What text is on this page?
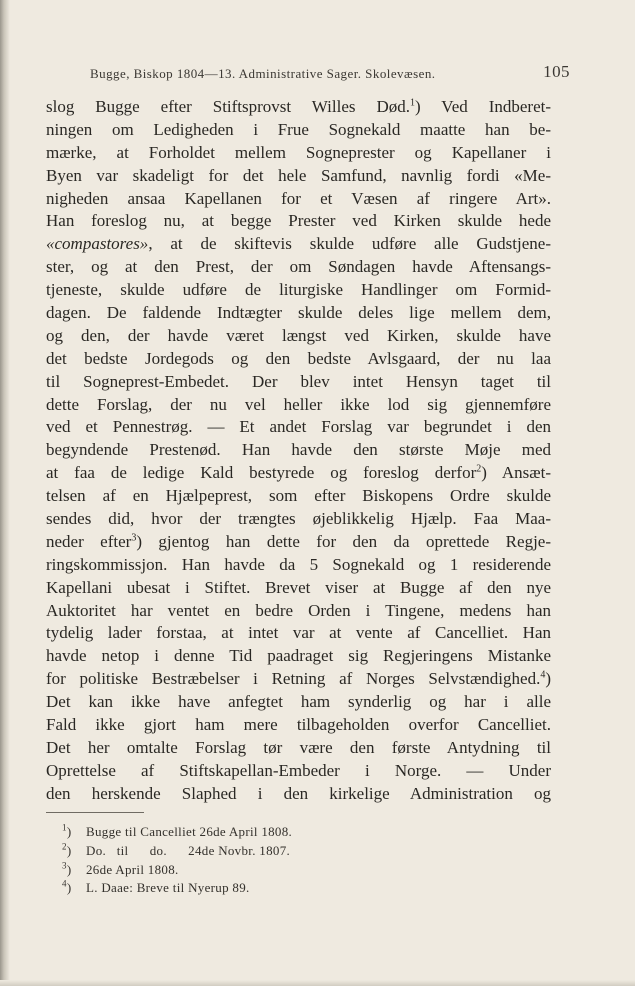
Bugge, Biskop 1804—13. Administrative Sager. Skolevæsen.	105
slog Bugge efter Stiftsprovst Willes Død.$^1$) Ved Indberet-
ningen om Ledigheden i Frue Sognekald maatte han be-
mærke, at Forholdet mellem Sogneprester og Kapellaner i
Byen var skadeligt for det hele Samfund, navnlig fordi «Me-
nigheden ansaa Kapellanen for et Væsen af ringere Art».
Han foreslog nu, at begge Prester ved Kirken skulde hede
«compastores», at de skiftevis skulde udføre alle Gudstjene-
ster, og at den Prest, der om Søndagen havde Aftensangs-
tjeneste, skulde udføre de liturgiske Handlinger om Formid-
dagen. De faldende Indtægter skulde deles lige mellem dem,
og den, der havde været længst ved Kirken, skulde have
det bedste Jordegods og den bedste Avlsgaard, der nu laa
til Sogneprest-Embedet. Der blev intet Hensyn taget til
dette Forslag, der nu vel heller ikke lod sig gjennemføre
ved et Pennestrøg. — Et andet Forslag var begrundet i den
begyndende Prestenød. Han havde den største Møje med
at faa de ledige Kald bestyrede og foreslog derfor$^2$) Ansæt-
telsen af en Hjælpeprest, som efter Biskopens Ordre skulde
sendes did, hvor der trængtes øjeblikkelig Hjælp. Faa Maa-
neder efter$^3$) gjentog han dette for den da oprettede Regje-
ringskommissjon. Han havde da 5 Sognekald og 1 residerende
Kapellani ubesat i Stiftet. Brevet viser at Bugge af den nye
Auktoritet har ventet en bedre Orden i Tingene, medens han
tydelig lader forstaa, at intet var at vente af Cancelliet. Han
havde netop i denne Tid paadraget sig Regjeringens Mistanke
for politiske Bestræbelser i Retning af Norges Selvstændighed.$^4$)
Det kan ikke have anfegtet ham synderlig og har i alle
Fald ikke gjort ham mere tilbageholden overfor Cancelliet.
Det her omtalte Forslag tør være den første Antydning til
Oprettelse af Stiftskapellan-Embeder i Norge. — Under
den herskende Slaphed i den kirkelige Administration og
$^1$)	Bugge til Cancelliet 26de April 1808.
$^2$)	Do.   til      do.      24de Novbr. 1807.
$^3$)	26de April 1808.
$^4$)	L. Daae: Breve til Nyerup 89.
